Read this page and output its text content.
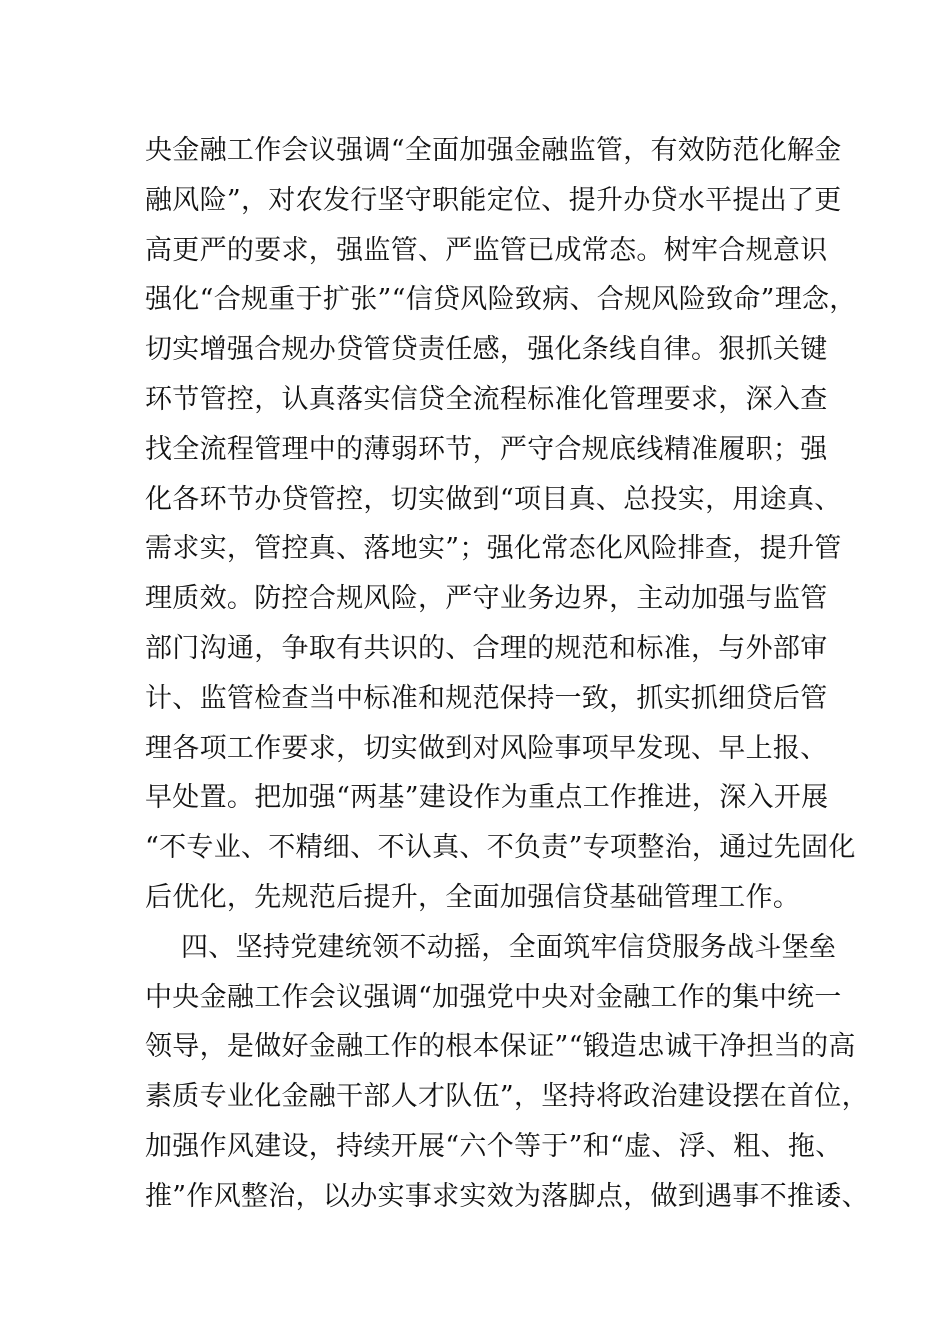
央金融工作会议强调“全面加强金融监管，有效防范化解金
融风险”，对农发行坚守职能定位、提升办贷水平提出了更
高更严的要求，强监管、严监管已成常态。树牢合规意识
强化“合规重于扩张”“信贷风险致病、合规风险致命”理念，
切实增强合规办贷管贷责任感，强化条线自律。狠抓关键
环节管控，认真落实信贷全流程标准化管理要求，深入查
找全流程管理中的薄弱环节，严守合规底线精准履职；强
化各环节办贷管控，切实做到“项目真、总投实，用途真、
需求实，管控真、落地实”；强化常态化风险排查，提升管
理质效。防控合规风险，严守业务边界，主动加强与监管
部门沟通，争取有共识的、合理的规范和标准，与外部审
计、监管检查当中标准和规范保持一致，抓实抓细贷后管
理各项工作要求，切实做到对风险事项早发现、早上报、
早处置。把加强“两基”建设作为重点工作推进，深入开展
“不专业、不精细、不认真、不负责”专项整治，通过先固化
后优化，先规范后提升，全面加强信贷基础管理工作。
四、坚持党建统领不动摇，全面筑牢信贷服务战斗堡垒
中央金融工作会议强调“加强党中央对金融工作的集中统一
领导，是做好金融工作的根本保证”“锻造忠诚干净担当的高
素质专业化金融干部人才队伍”，坚持将政治建设摆在首位，
加强作风建设，持续开展“六个等于”和“虚、浮、粗、拖、
推”作风整治，以办实事求实效为落脚点，做到遇事不推诿、
